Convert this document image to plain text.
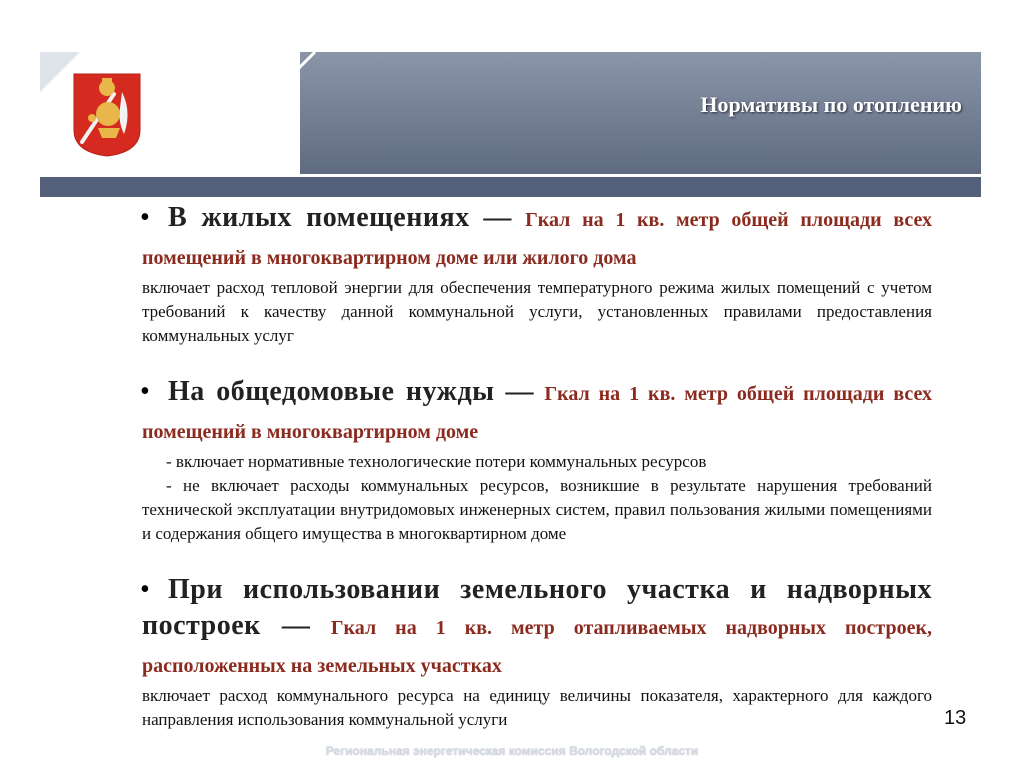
Нормативы по отоплению
• В жилых помещениях — Гкал на 1 кв. метр общей площади всех помещений в многоквартирном доме или жилого дома

включает расход тепловой энергии для обеспечения температурного режима жилых помещений с учетом требований к качеству данной коммунальной услуги, установленных правилами предоставления коммунальных услуг

• На общедомовые нужды — Гкал на 1 кв. метр общей площади всех помещений в многоквартирном доме

- включает нормативные технологические потери коммунальных ресурсов

- не включает расходы коммунальных ресурсов, возникшие в результате нарушения требований технической эксплуатации внутридомовых инженерных систем, правил пользования жилыми помещениями и содержания общего имущества в многоквартирном доме

• При использовании земельного участка и надворных построек — Гкал на 1 кв. метр отапливаемых надворных построек, расположенных на земельных участках

включает расход коммунального ресурса на единицу величины показателя, характерного для каждого направления использования коммунальной услуги	13
Региональная энергетическая комиссия Вологодской области
